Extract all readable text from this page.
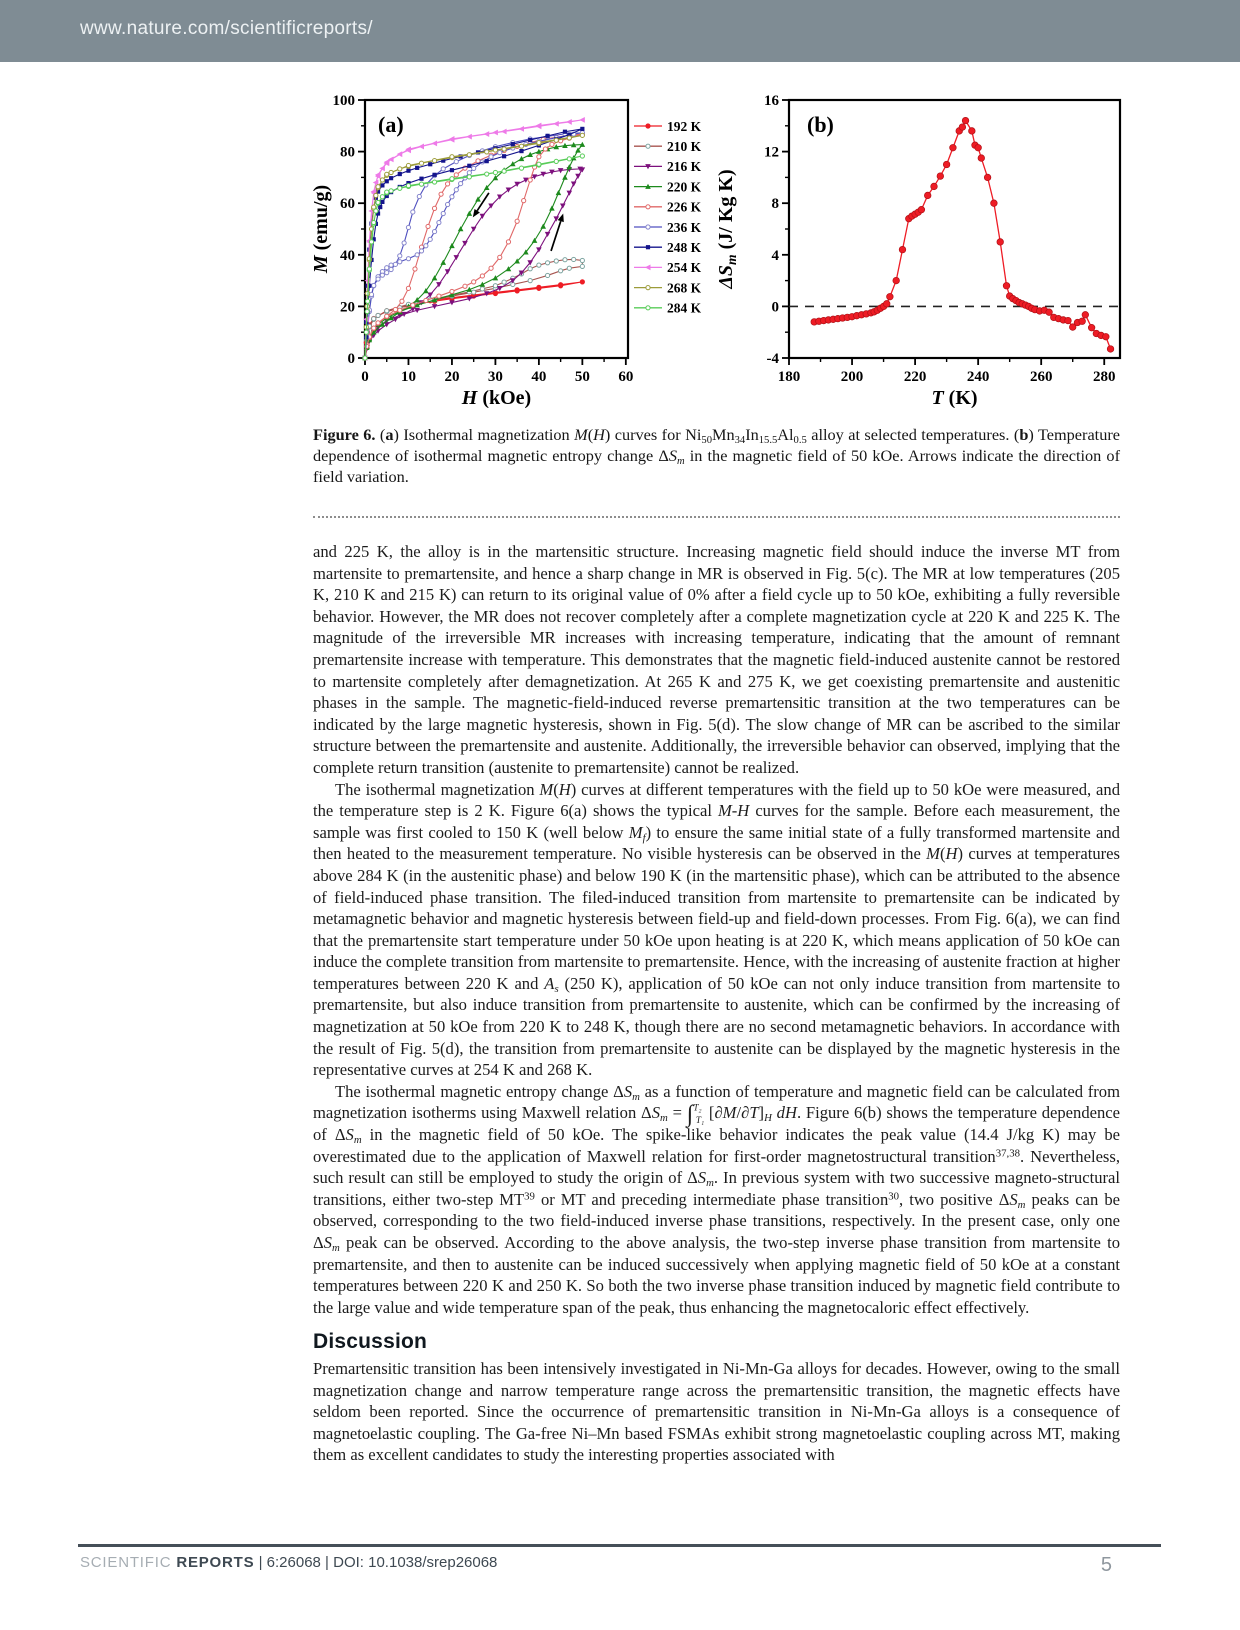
www.nature.com/scientificreports/
0 10 20 30 40 50 60
0
20
40
60
80
100
H (kOe)
M (emu/g)
(a)	192 K
210 K
216 K
220 K
226 K
236 K
248 K
254 K
268 K
284 K
180	200	220	240	260	280
-4
0
4
8
12
16
T (K)
$\Delta S_m$ (J/ Kg K)
(b)
Figure 6. (a) Isothermal magnetization M(H) curves for $Ni_{50}Mn_{34}In_{15.5}Al_{0.5}$ alloy at selected temperatures. (b) Temperature dependence of isothermal magnetic entropy change $\Delta S_m$ in the magnetic field of 50 kOe. Arrows indicate the direction of field variation.

and 225 K, the alloy is in the martensitic structure. Increasing magnetic field should induce the inverse MT from martensite to premartensite, and hence a sharp change in MR is observed in Fig. 5(c). The MR at low temperatures (205 K, 210 K and 215 K) can return to its original value of 0% after a field cycle up to 50 kOe, exhibiting a fully reversible behavior. However, the MR does not recover completely after a complete magnetization cycle at 220 K and 225 K. The magnitude of the irreversible MR increases with increasing temperature, indicating that the amount of remnant premartensite increase with temperature. This demonstrates that the magnetic field-induced austenite cannot be restored to martensite completely after demagnetization. At 265 K and 275 K, we get coexisting premartensite and austenitic phases in the sample. The magnetic-field-induced reverse premartensitic transition at the two temperatures can be indicated by the large magnetic hysteresis, shown in Fig. 5(d). The slow change of MR can be ascribed to the similar structure between the premartensite and austenite. Additionally, the irreversible behavior can observed, implying that the complete return transition (austenite to premartensite) cannot be realized.

The isothermal magnetization M(H) curves at different temperatures with the field up to 50 kOe were measured, and the temperature step is 2 K. Figure 6(a) shows the typical M-H curves for the sample. Before each measurement, the sample was first cooled to 150 K (well below $M_f$) to ensure the same initial state of a fully transformed martensite and then heated to the measurement temperature. No visible hysteresis can be observed in the M(H) curves at temperatures above 284 K (in the austenitic phase) and below 190 K (in the martensitic phase), which can be attributed to the absence of field-induced phase transition. The filed-induced transition from martensite to premartensite can be indicated by metamagnetic behavior and magnetic hysteresis between field-up and field-down processes. From Fig. 6(a), we can find that the premartensite start temperature under 50 kOe upon heating is at 220 K, which means application of 50 kOe can induce the complete transition from martensite to premartensite. Hence, with the increasing of austenite fraction at higher temperatures between 220 K and $A_s$ (250 K), application of 50 kOe can not only induce transition from martensite to premartensite, but also induce transition from premartensite to austenite, which can be confirmed by the increasing of magnetization at 50 kOe from 220 K to 248 K, though there are no second metamagnetic behaviors. In accordance with the result of Fig. 5(d), the transition from premartensite to austenite can be displayed by the magnetic hysteresis in the representative curves at 254 K and 268 K.

The isothermal magnetic entropy change $\Delta S_m$ as a function of temperature and magnetic field can be calculated from magnetization isotherms using Maxwell relation $\Delta S_m = \int^{T_2}_{T_1}$ $[\partial M/\partial T]_H$ dH. Figure 6(b) shows the temperature dependence of $\Delta S_m$ in the magnetic field of 50 kOe. The spike-like behavior indicates the peak value (14.4 J/kg K) may be overestimated due to the application of Maxwell relation for first-order magnetostructural transition$^{37,38}$. Nevertheless, such result can still be employed to study the origin of $\Delta S_m$. In previous system with two successive magneto-structural transitions, either two-step MT$^{39}$ or MT and preceding intermediate phase transition$^{30}$, two positive $\Delta S_m$ peaks can be observed, corresponding to the two field-induced inverse phase transitions, respectively. In the present case, only one $\Delta S_m$ peak can be observed. According to the above analysis, the two-step inverse phase transition from martensite to premartensite, and then to austenite can be induced successively when applying magnetic field of 50 kOe at a constant temperatures between 220 K and 250 K. So both the two inverse phase transition induced by magnetic field contribute to the large value and wide temperature span of the peak, thus enhancing the magnetocaloric effect effectively.

Discussion

Premartensitic transition has been intensively investigated in Ni-Mn-Ga alloys for decades. However, owing to the small magnetization change and narrow temperature range across the premartensitic transition, the magnetic effects have seldom been reported. Since the occurrence of premartensitic transition in Ni-Mn-Ga alloys is a consequence of magnetoelastic coupling. The Ga-free Ni–Mn based FSMAs exhibit strong magnetoelastic coupling across MT, making them as excellent candidates to study the interesting properties associated with

SCIENTIFIC REPORTS | 6:26068 | DOI: 10.1038/srep26068	5
